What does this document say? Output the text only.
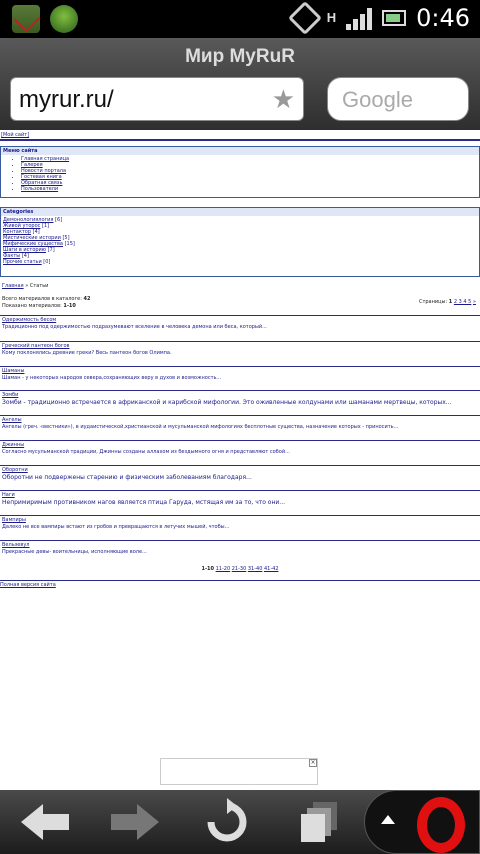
H	0:46
Мир MyRuR
myrur.ru/	★ Google
[Мой сайт]
Меню сайта
• Главная страница
• Галерея
• Новости портала
• Гостевая книга
• Обратная связь
• Пользователи
Categories
Демонологиялогия [6]
Живой уторос [1]
Контактор [4]
Мистические истории [5]
Мифические существа [15]
Шаги в историю [7]
Факты [4]
Прочие статьи [0]
Главная » Статьи
Всего материалов в каталоге: 42
Показано материалов: 1-10
Страницы: 1 2 3 4 5 »
Одержимость бесом
Традиционно под одержимостью подразумевают вселение в человека демона или беса, который...
Греческий пантеон богов
Кому поклонялись древние греки? Весь пантеон богов Олимпа.
Шаманы
Шаман - у некоторых народов севера,сохраняющих веру в духов и возможность...
Зомби
Зомби - традиционно встречается в африканской и карибской мифологии. Это оживленные колдунами или шаманами мертвецы, которых...
Ангелы
Ангелы (греч. «вестники»), в иудаистической,христианской и мусульманской мифологиях бесплотные существа, назначение которых - приносить...
Джинны
Согласно мусульманской традиции, Джинны созданы аллахом из бездымного огня и представляют собой...
Оборотни
Оборотни не подвержены старению и физическим заболеваниям благодаря...
Наги
Непримиримым противником нагов является птица Гаруда, мстящая им за то, что они...
Вампиры
Далеко не все вампиры встают из гробов и превращаются в летучих мышей, чтобы...
Вельзевул
Прекрасные девы- воительницы, исполняющие воле...
1-10 11-20 21-30 31-40 41-42
Полная версия сайта
×
